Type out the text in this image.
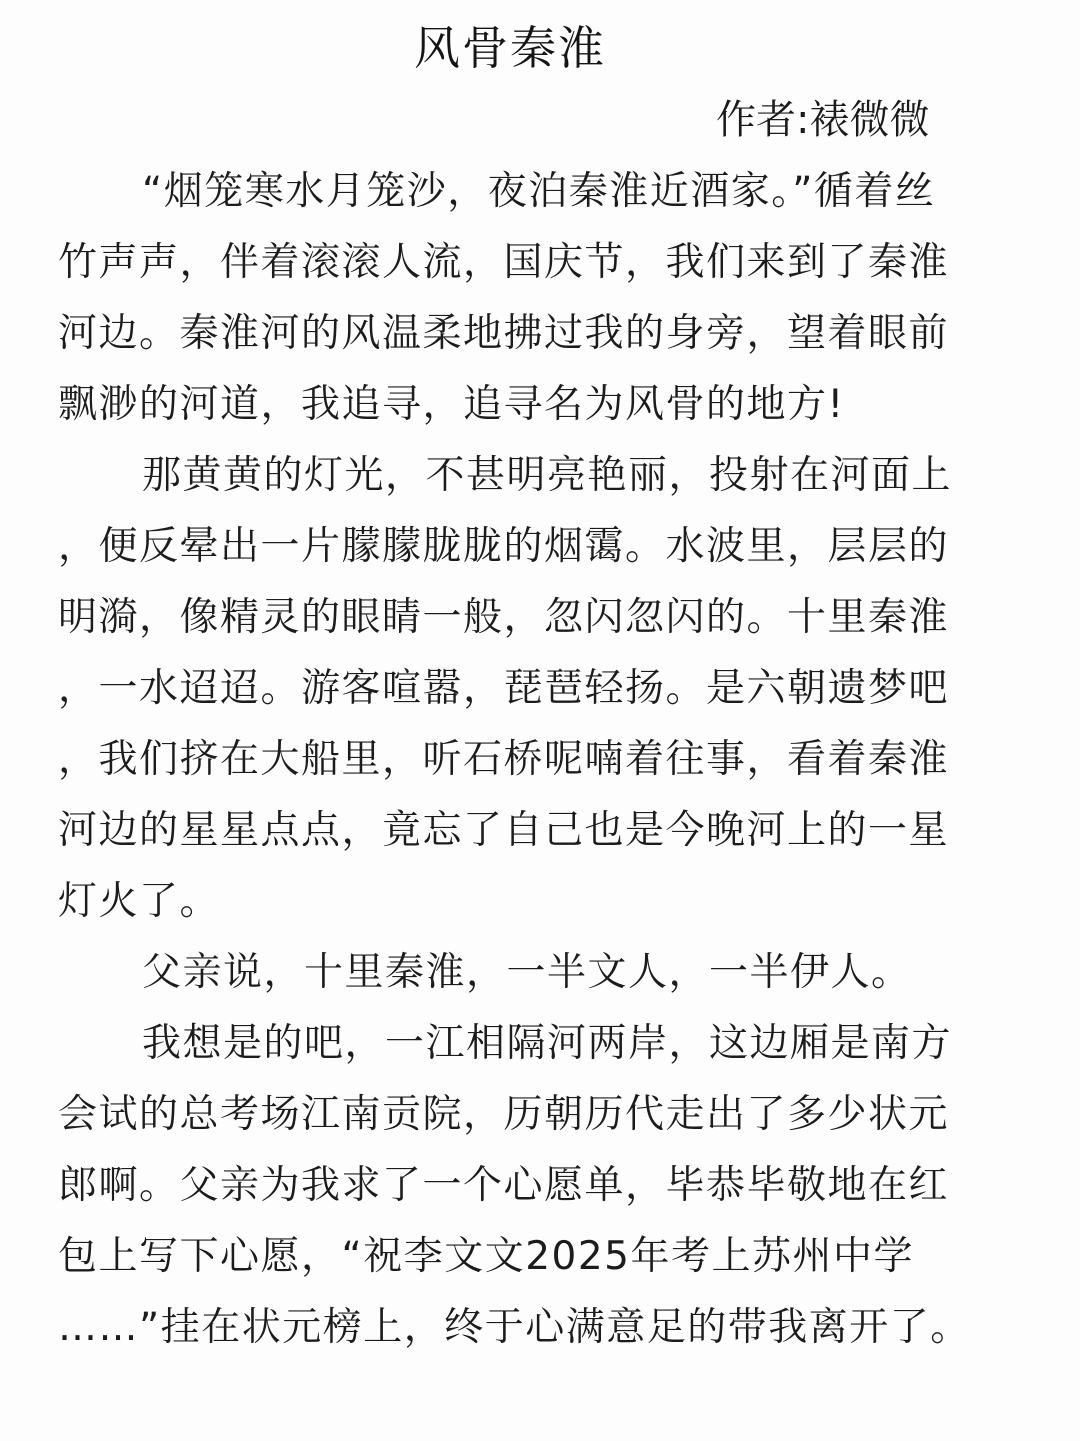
风骨秦淮
作者:裱微微
“烟笼寒水月笼沙，夜泊秦淮近酒家。”循着丝
竹声声，伴着滚滚人流，国庆节，我们来到了秦淮
河边。秦淮河的风温柔地拂过我的身旁，望着眼前
飘渺的河道，我追寻，追寻名为风骨的地方!
那黄黄的灯光，不甚明亮艳丽，投射在河面上
，便反晕出一片朦朦胧胧的烟霭。水波里，层层的
明漪，像精灵的眼睛一般，忽闪忽闪的。十里秦淮
，一水迢迢。游客喧嚣，琵琶轻扬。是六朝遗梦吧
，我们挤在大船里，听石桥呢喃着往事，看着秦淮
河边的星星点点，竟忘了自己也是今晚河上的一星
灯火了。
父亲说，十里秦淮，一半文人，一半伊人。
我想是的吧，一江相隔河两岸，这边厢是南方
会试的总考场江南贡院，历朝历代走出了多少状元
郎啊。父亲为我求了一个心愿单，毕恭毕敬地在红
包上写下心愿，“祝李文文2025年考上苏州中学
……”挂在状元榜上，终于心满意足的带我离开了。
